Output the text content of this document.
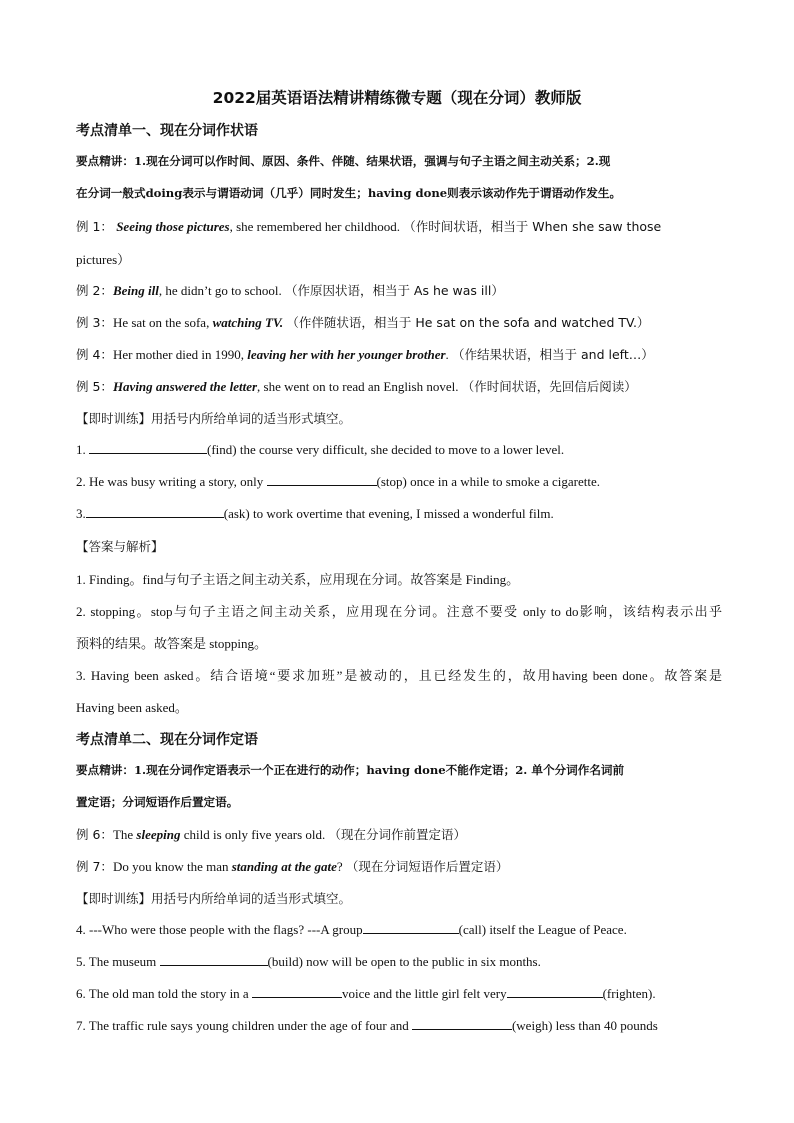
2022届英语语法精讲精练微专题（现在分词）教师版
考点清单一、现在分词作状语
要点精讲：1.现在分词可以作时间、原因、条件、伴随、结果状语，强调与句子主语之间主动关系；2.现
在分词一般式doing表示与谓语动词（几乎）同时发生；having done则表示该动作先于谓语动作发生。
例 1： Seeing those pictures, she remembered her childhood. （作时间状语，相当于 When she saw those
pictures）
例 2：Being ill, he didn’t go to school. （作原因状语，相当于 As he was ill）
例 3：He sat on the sofa, watching TV. （作伴随状语，相当于 He sat on the sofa and watched TV.）
例 4：Her mother died in 1990, leaving her with her younger brother. （作结果状语，相当于 and left…）
例 5：Having answered the letter, she went on to read an English novel. （作时间状语，先回信后阅读）
【即时训练】用括号内所给单词的适当形式填空。
1.	(find) the course very difficult, she decided to move to a lower level.
2. He was busy writing a story, only	(stop) once in a while to smoke a cigarette.
3.	(ask) to work overtime that evening, I missed a wonderful film.
【答案与解析】
1. Finding。find与句子主语之间主动关系，应用现在分词。故答案是 Finding。
2. stopping。stop与句子主语之间主动关系，应用现在分词。注意不要受 only to do影响，该结构表示出乎
预料的结果。故答案是 stopping。
3. Having been asked。结合语境“要求加班”是被动的，且已经发生的，故用having been done。故答案是
Having been asked。
考点清单二、现在分词作定语
要点精讲：1.现在分词作定语表示一个正在进行的动作；having done不能作定语；2. 单个分词作名词前
置定语；分词短语作后置定语。
例 6：The sleeping child is only five years old. （现在分词作前置定语）
例 7：Do you know the man standing at the gate? （现在分词短语作后置定语）
【即时训练】用括号内所给单词的适当形式填空。
4. ---Who were those people with the flags? ---A group	(call) itself the League of Peace.
5. The museum	(build) now will be open to the public in six months.
6. The old man told the story in a	voice and the little girl felt very	(frighten).
7. The traffic rule says young children under the age of four and	(weigh) less than 40 pounds
